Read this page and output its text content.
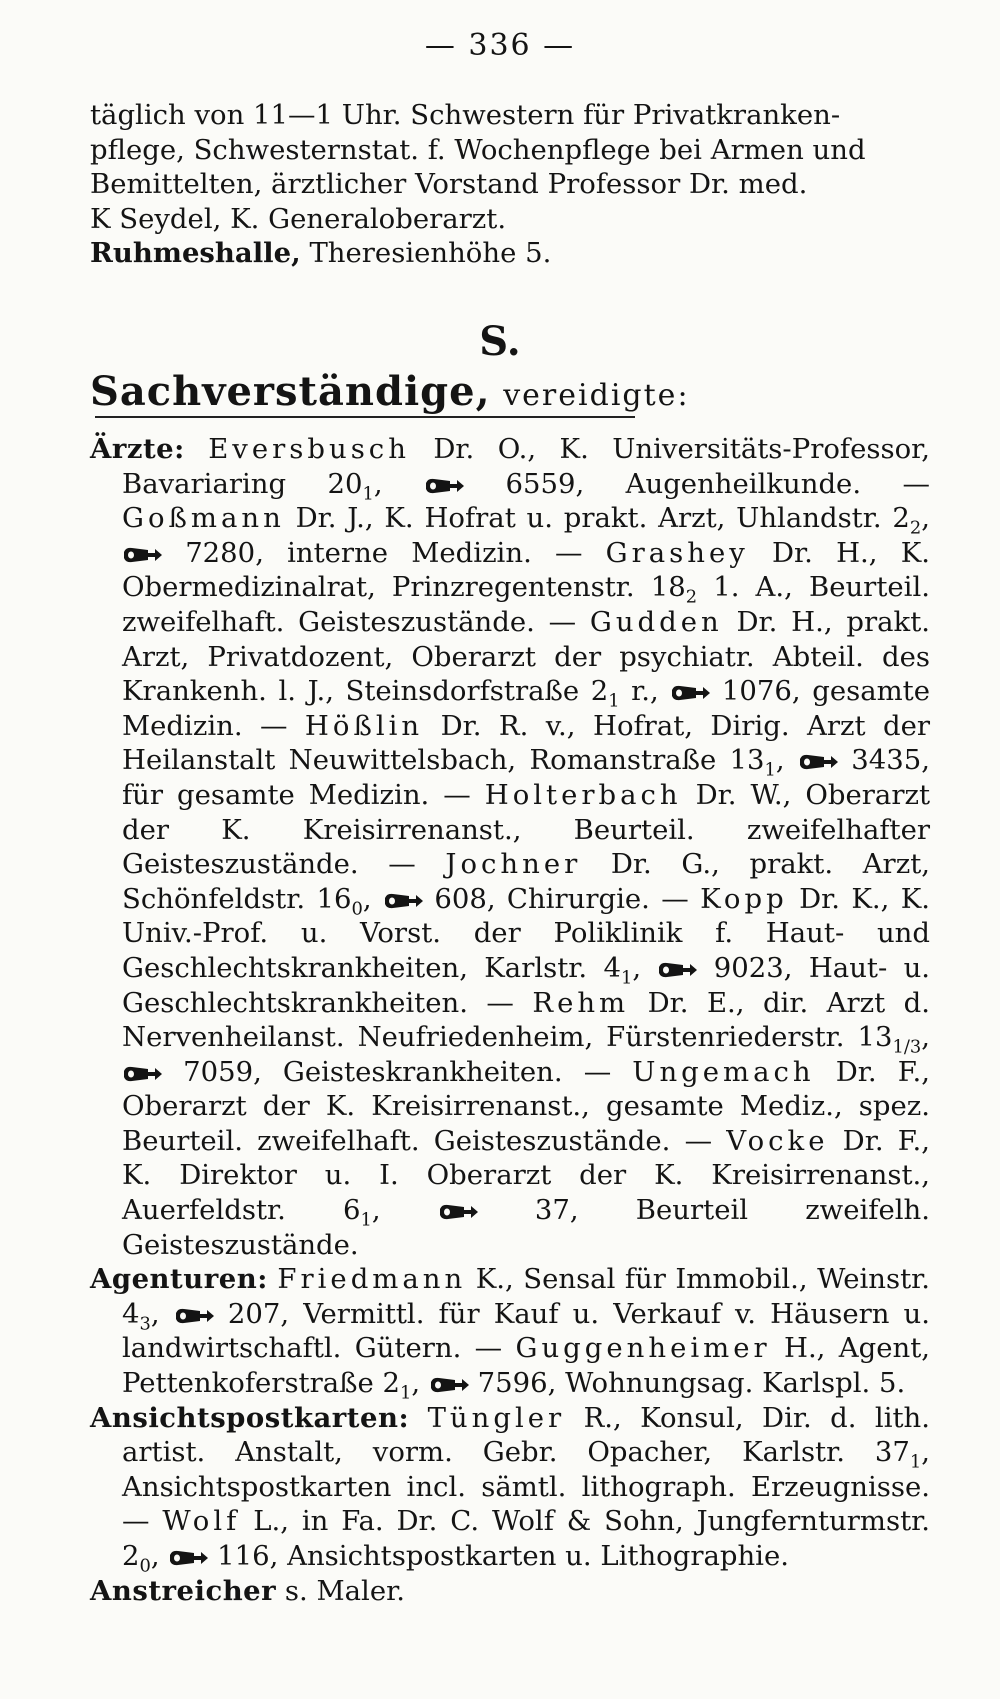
— 336 —
täglich von 11—1 Uhr. Schwestern für Privatkranken-
pflege, Schwesternstat. f. Wochenpflege bei Armen und
Bemittelten, ärztlicher Vorstand Professor Dr. med.
K Seydel, K. Generaloberarzt.
Ruhmeshalle, Theresienhöhe 5.
S.
Sachverständige, vereidigte:

Ärzte: Eversbusch Dr. O., K. Universitäts-Professor, Bavariaring $20_1$,	6559, Augenheilkunde. — Goßmann Dr. J., K. Hofrat u. prakt. Arzt, Uhlandstr. $2_2$,
7280, interne Medizin. — Grashey Dr. H., K. Obermedizinalrat, Prinzregentenstr. $18_2$ 1. A., Beurteil. zweifelhaft. Geisteszustände. — Gudden Dr. H., prakt. Arzt, Privatdozent, Oberarzt der psychiatr. Abteil. des Krankenh. l. J., Steinsdorfstraße $2_1$ r.,
1076, gesamte Medizin. — Hößlin Dr. R. v., Hofrat, Dirig. Arzt der Heilanstalt Neuwittelsbach, Romanstraße $13_1$,
3435, für gesamte Medizin. — Holterbach Dr. W., Oberarzt der K. Kreisirrenanst., Beurteil. zweifelhafter Geisteszustände. — Jochner Dr. G., prakt. Arzt, Schönfeldstr. $16_0$,
608, Chirurgie. — Kopp Dr. K., K. Univ.-Prof. u. Vorst. der Poliklinik f. Haut- und Geschlechtskrankheiten, Karlstr. $4_1$,
9023, Haut- u. Geschlechtskrankheiten. — Rehm Dr. E., dir. Arzt d. Nervenheilanst. Neufriedenheim, Fürstenriederstr. $13_{1/3}$,
7059, Geisteskrankheiten. — Ungemach Dr. F., Oberarzt der K. Kreisirrenanst., gesamte Mediz., spez. Beurteil. zweifelhaft. Geisteszustände. — Vocke Dr. F., K. Direktor u. I. Oberarzt der K. Kreisirrenanst., Auerfeldstr. $6_1$,	37, Beurteil zweifelh. Geisteszustände.

Agenturen: Friedmann K., Sensal für Immobil., Weinstr. $4_3$,
207, Vermittl. für Kauf u. Verkauf v. Häusern u. landwirtschaftl. Gütern. — Guggenheimer H., Agent, Pettenkoferstraße $2_1$,
7596, Wohnungsag. Karlspl. 5.

Ansichtspostkarten: Tüngler R., Konsul, Dir. d. lith. artist. Anstalt, vorm. Gebr. Opacher, Karlstr. $37_1$, Ansichtspostkarten incl. sämtl. lithograph. Erzeugnisse. — Wolf L., in Fa. Dr. C. Wolf & Sohn, Jungfernturmstr. $2_0$,
116, Ansichtspostkarten u. Lithographie.

Anstreicher s. Maler.
